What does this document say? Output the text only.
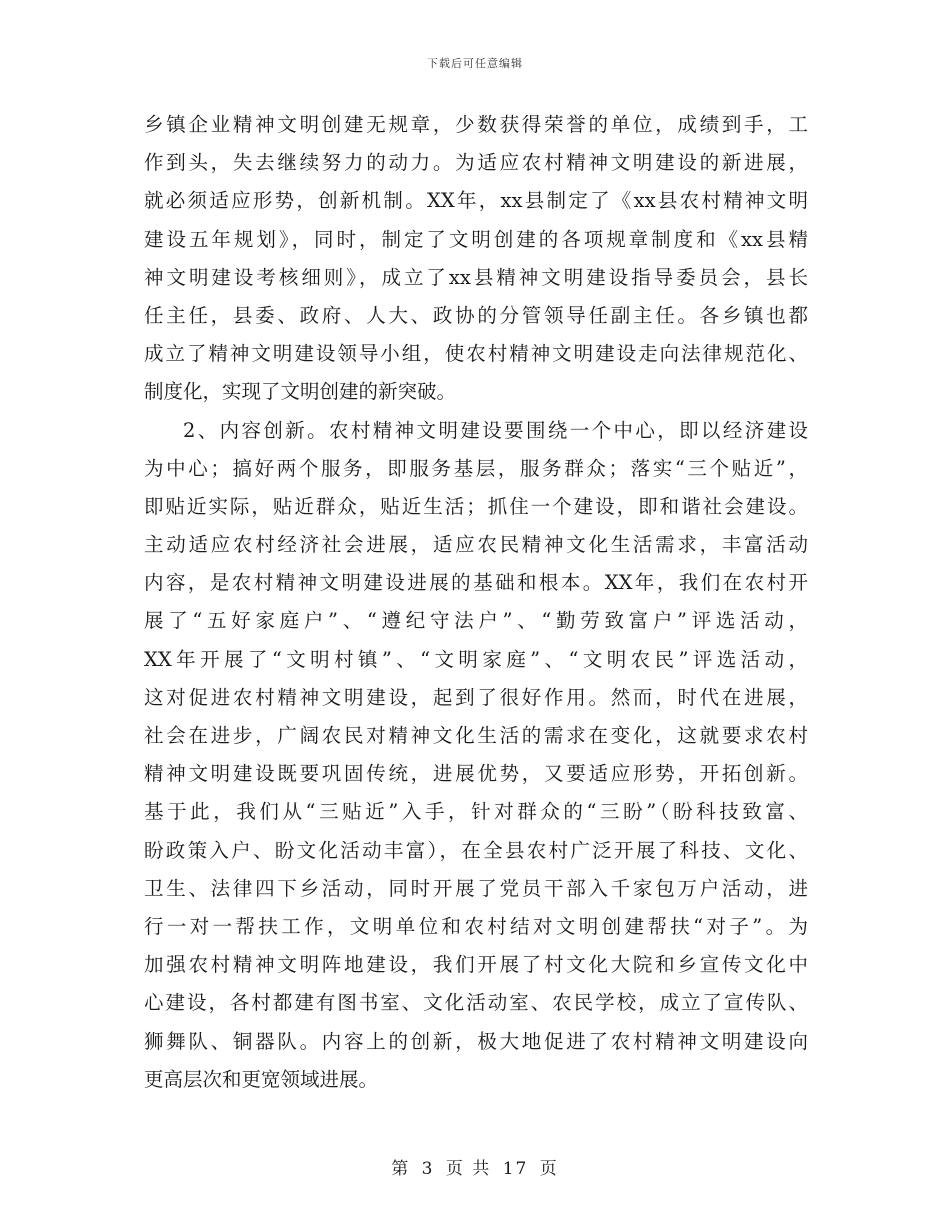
下载后可任意编辑
乡镇企业精神文明创建无规章，少数获得荣誉的单位，成绩到手，工
作到头，失去继续努力的动力。为适应农村精神文明建设的新进展，
就必须适应形势，创新机制。XX年，xx县制定了《xx县农村精神文明
建设五年规划》，同时，制定了文明创建的各项规章制度和《xx县精
神文明建设考核细则》，成立了xx县精神文明建设指导委员会，县长
任主任，县委、政府、人大、政协的分管领导任副主任。各乡镇也都
成立了精神文明建设领导小组，使农村精神文明建设走向法律规范化、
制度化，实现了文明创建的新突破。
2、内容创新。农村精神文明建设要围绕一个中心，即以经济建设
为中心；搞好两个服务，即服务基层，服务群众；落实“三个贴近”，
即贴近实际，贴近群众，贴近生活；抓住一个建设，即和谐社会建设。
主动适应农村经济社会进展，适应农民精神文化生活需求，丰富活动
内容，是农村精神文明建设进展的基础和根本。XX年，我们在农村开
展了“五好家庭户”、“遵纪守法户”、“勤劳致富户”评选活动，
XX年开展了“文明村镇”、“文明家庭”、“文明农民”评选活动，
这对促进农村精神文明建设，起到了很好作用。然而，时代在进展，
社会在进步，广阔农民对精神文化生活的需求在变化，这就要求农村
精神文明建设既要巩固传统，进展优势，又要适应形势，开拓创新。
基于此，我们从“三贴近”入手，针对群众的“三盼”（盼科技致富、
盼政策入户、盼文化活动丰富），在全县农村广泛开展了科技、文化、
卫生、法律四下乡活动，同时开展了党员干部入千家包万户活动，进
行一对一帮扶工作，文明单位和农村结对文明创建帮扶“对子”。为
加强农村精神文明阵地建设，我们开展了村文化大院和乡宣传文化中
心建设，各村都建有图书室、文化活动室、农民学校，成立了宣传队、
狮舞队、铜器队。内容上的创新，极大地促进了农村精神文明建设向
更高层次和更宽领域进展。
第 3 页 共 17 页
